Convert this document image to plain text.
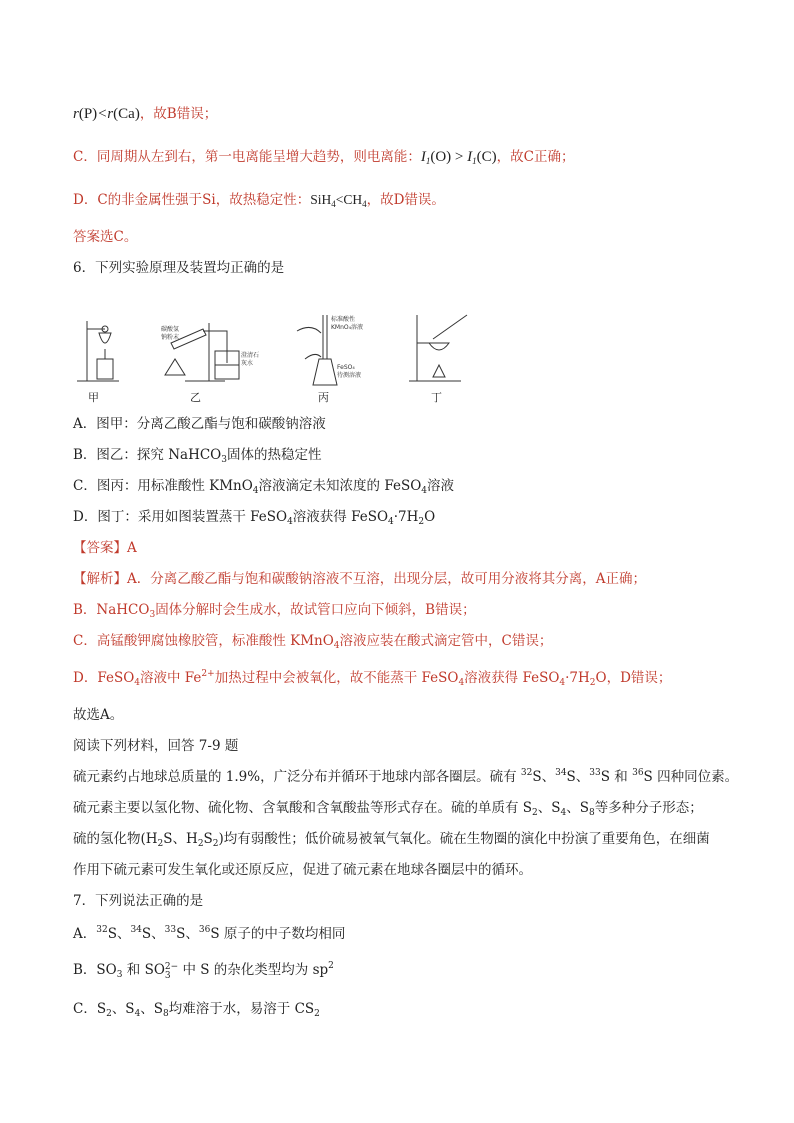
r(P)<r(Ca)，故B错误；
C．同周期从左到右，第一电离能呈增大趋势，则电离能：$I_1(O) > I_1(C)$，故C正确；
D．C的非金属性强于Si，故热稳定性：$SiH_4<CH_4$，故D错误。
答案选C。
6．下列实验原理及装置均正确的是
碳酸氢
钠粉末
澄清石
灰水
标准酸性
KMnO₄溶液
FeSO₄
待测溶液
甲	乙	丙	丁
A．图甲：分离乙酸乙酯与饱和碳酸钠溶液
B．图乙：探究 NaHCO$_3$固体的热稳定性
C．图丙：用标准酸性 KMnO$_4$溶液滴定未知浓度的 FeSO$_4$溶液
D．图丁：采用如图装置蒸干 FeSO$_4$溶液获得 $FeSO_4\cdot 7H_2O$
【答案】A
【解析】A．分离乙酸乙酯与饱和碳酸钠溶液不互溶，出现分层，故可用分液将其分离，A正确；
B．NaHCO$_3$固体分解时会生成水，故试管口应向下倾斜，B错误；
C．高锰酸钾腐蚀橡胶管，标准酸性 KMnO$_4$溶液应装在酸式滴定管中，C错误；
D．FeSO$_4$溶液中 $Fe^{2+}$加热过程中会被氧化，故不能蒸干 FeSO$_4$溶液获得 $FeSO_4\cdot 7H_2O$，D错误；
故选A。
阅读下列材料，回答 7-9 题
硫元素约占地球总质量的 1.9%，广泛分布并循环于地球内部各圈层。硫有 $^{32}$S、$^{34}$S、$^{33}$S 和 $^{36}$S 四种同位素。
硫元素主要以氢化物、硫化物、含氧酸和含氧酸盐等形式存在。硫的单质有 $S_2$、$S_4$、$S_8$等多种分子形态；
硫的氢化物($H_2S$、$H_2S_2$)均有弱酸性；低价硫易被氧气氧化。硫在生物圈的演化中扮演了重要角色，在细菌
作用下硫元素可发生氧化或还原反应，促进了硫元素在地球各圈层中的循环。
7．下列说法正确的是
A．$^{32}$S、$^{34}$S、$^{33}$S、$^{36}$S 原子的中子数均相同
B．$SO_3$ 和 SO 2−
3 中 S 的杂化类型均为 $sp^2$
C．$S_2$、$S_4$、$S_8$均难溶于水，易溶于 $CS_2$
